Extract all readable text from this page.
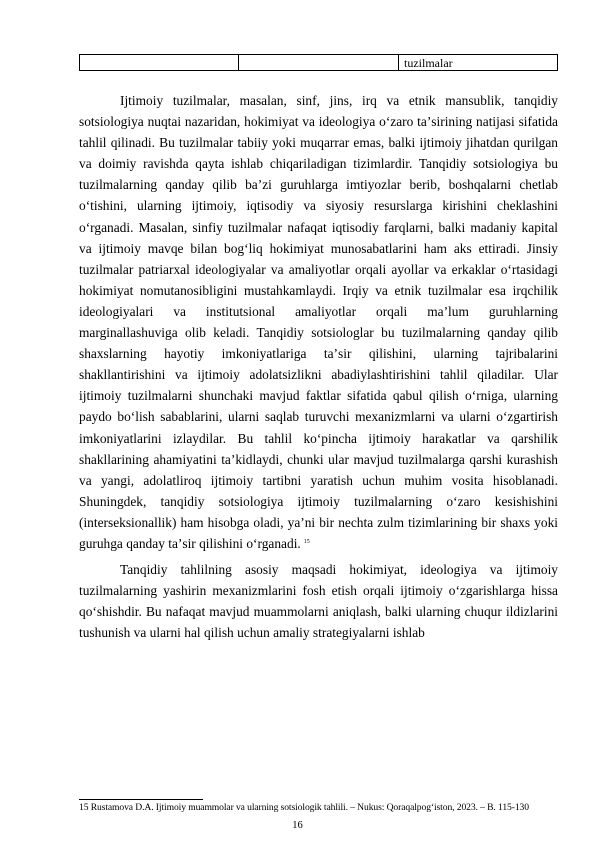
tuzilmalar

Ijtimoiy tuzilmalar, masalan, sinf, jins, irq va etnik mansublik, tanqidiy sotsiologiya nuqtai nazaridan, hokimiyat va ideologiya oʻzaro taʼsirining natijasi sifatida tahlil qilinadi. Bu tuzilmalar tabiiy yoki muqarrar emas, balki ijtimoiy jihatdan qurilgan va doimiy ravishda qayta ishlab chiqariladigan tizimlardir. Tanqidiy sotsiologiya bu tuzilmalarning qanday qilib baʼzi guruhlarga imtiyozlar berib, boshqalarni chetlab oʻtishini, ularning ijtimoiy, iqtisodiy va siyosiy resurslarga kirishini cheklashini oʻrganadi. Masalan, sinfiy tuzilmalar nafaqat iqtisodiy farqlarni, balki madaniy kapital va ijtimoiy mavqe bilan bogʻliq hokimiyat munosabatlarini ham aks ettiradi. Jinsiy tuzilmalar patriarxal ideologiyalar va amaliyotlar orqali ayollar va erkaklar oʻrtasidagi hokimiyat nomutanosibligini mustahkamlaydi. Irqiy va etnik tuzilmalar esa irqchilik ideologiyalari va institutsional amaliyotlar orqali maʼlum guruhlarning marginallashuviga olib keladi. Tanqidiy sotsiologlar bu tuzilmalarning qanday qilib shaxslarning hayotiy imkoniyatlariga taʼsir qilishini, ularning tajribalarini shakllantirishini va ijtimoiy adolatsizlikni abadiylashtirishini tahlil qiladilar. Ular ijtimoiy tuzilmalarni shunchaki mavjud faktlar sifatida qabul qilish oʻrniga, ularning paydo boʻlish sabablarini, ularni saqlab turuvchi mexanizmlarni va ularni oʻzgartirish imkoniyatlarini izlaydilar. Bu tahlil koʻpincha ijtimoiy harakatlar va qarshilik shakllarining ahamiyatini taʼkidlaydi, chunki ular mavjud tuzilmalarga qarshi kurashish va yangi, adolatliroq ijtimoiy tartibni yaratish uchun muhim vosita hisoblanadi. Shuningdek, tanqidiy sotsiologiya ijtimoiy tuzilmalarning oʻzaro kesishishini (interseksionallik) ham hisobga oladi, yaʼni bir nechta zulm tizimlarining bir shaxs yoki guruhga qanday taʼsir qilishini oʻrganadi. $^{15}$

Tanqidiy tahlilning asosiy maqsadi hokimiyat, ideologiya va ijtimoiy tuzilmalarning yashirin mexanizmlarini fosh etish orqali ijtimoiy oʻzgarishlarga hissa qoʻshishdir. Bu nafaqat mavjud muammolarni aniqlash, balki ularning chuqur ildizlarini tushunish va ularni hal qilish uchun amaliy strategiyalarni ishlab

15 Rustamova D.A. Ijtimoiy muammolar va ularning sotsiologik tahlili. – Nukus: Qoraqalpogʻiston, 2023. – B. 115-130
16
